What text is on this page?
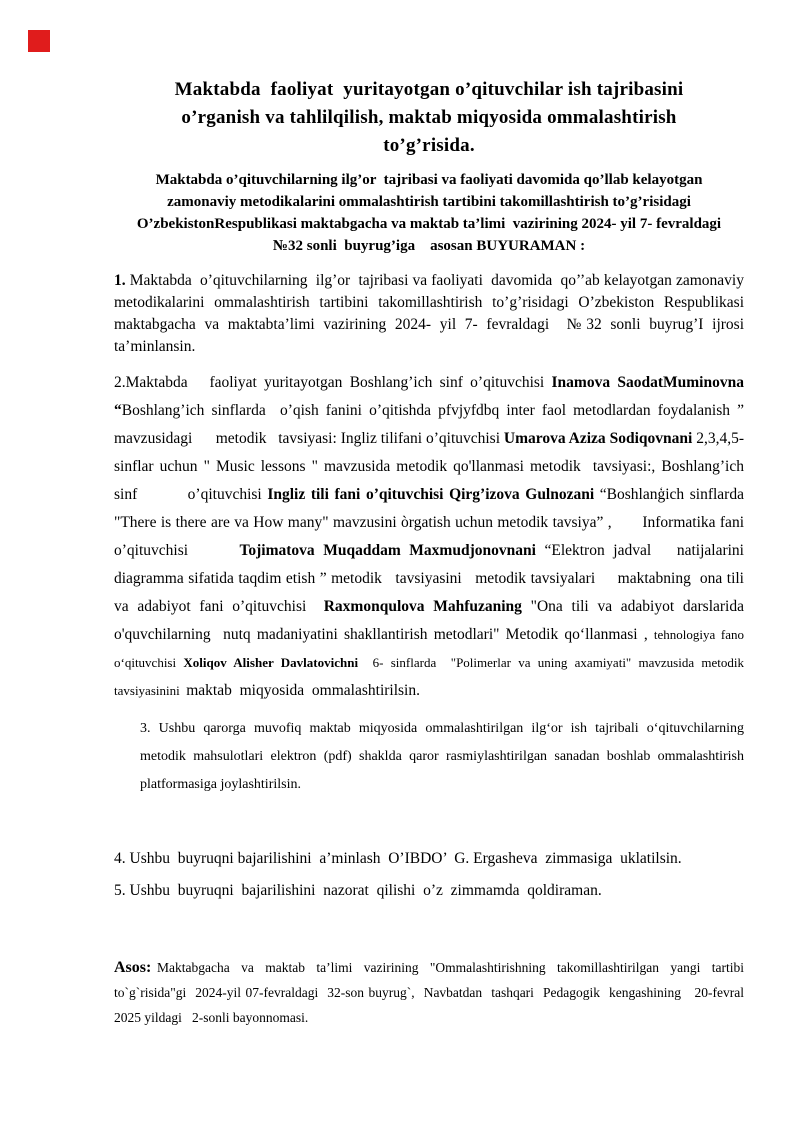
Maktabda  faoliyat  yuritayotgan o’qituvchilar ish tajribasini
o’rganish va tahlilqilish, maktab miqyosida ommalashtirish
to’g’risida.

Maktabda o’qituvchilarning ilg’or  tajribasi va faoliyati davomida qo’llab kelayotgan
zamonaviy metodikalarini ommalashtirish tartibini takomillashtirish to’g’risidagi
O’zbekistonRespublikasi maktabgacha va maktab ta’limi  vazirining 2024- yil 7- fevraldagi
№32 sonli  buyrug’iga    asosan BUYURAMAN :

1. Maktabda  o’qituvchilarning  ilg’or  tajribasi va faoliyati  davomida  qo’’ab kelayotgan zamonaviy  metodikalarini ommalashtirish tartibini takomillashtirish to’g’risidagi O’zbekiston Respublikasi maktabgacha va maktabta’limi vazirining 2024- yil 7- fevraldagi  №32 sonli buyrug’I ijrosi  ta’minlansin.

2.Maktabda   faoliyat yuritayotgan Boshlang’ich sinf o’qituvchisi Inamova SaodatMuminovna “Boshlang’ich sinflarda  o’qish fanini o’qitishda pfvjyfdbq inter faol metodlardan foydalanish ” mavzusidagi      metodik   tavsiyasi: Ingliz tilifani o’qituvchisi Umarova Aziza Sodiqovnani 2,3,4,5- sinflar uchun " Music lessons " mavzusida metodik qo'llanmasi metodik  tavsiyasi:, Boshlang’ich      sinf         o’qituvchisi Ingliz tili fani o’qituvchisi Qirg’izova Gulnozani “Boshlanģich sinflarda   "There is there are va How many" mavzusini òrgatish uchun metodik tavsiya” ,       Informatika fani o’qituvchisi      Tojimatova Muqaddam Maxmudjonovnani “Elektron jadval   natijalarini diagramma sifatida taqdim etish ” metodik   tavsiyasini   metodik tavsiyalari     maktabning  ona tili va adabiyot fani o’qituvchisi  Raxmonqulova Mahfuzaning "Ona tili va adabiyot darslarida o'quvchilarning  nutq madaniyatini shakllantirish metodlari" Metodik qo‘llanmasi , tehnologiya fano o‘qituvchisi Xoliqov Alisher Davlatovichni  6- sinflarda  "Polimerlar va uning axamiyati" mavzusida metodik tavsiyasinini  maktab  miqyosida  ommalashtirilsin.

3. Ushbu qarorga muvofiq maktab miqyosida ommalashtirilgan ilg‘or ish tajribali o‘qituvchilarning metodik mahsulotlari elektron (pdf) shaklda qaror rasmiylashtirilgan sanadan boshlab ommalashtirish platformasiga joylashtirilsin.

4. Ushbu  buyruqni bajarilishini  a’minlash  O’IBDO’  G. Ergasheva  zimmasiga  uklatilsin.

5. Ushbu  buyruqni  bajarilishini  nazorat  qilishi  o’z  zimmamda  qoldiraman.

Asos: Maktabgacha  va  maktab  ta’limi  vazirining  "Ommalashtirishning  takomillashtirilgan  yangi  tartibi to`g`risida"gi  2024-yil 07-fevraldagi  32-son buyrug`,  Navbatdan  tashqari  Pedagogik  kengashining   20-fevral  2025 yildagi   2-sonli bayonnomasi.
